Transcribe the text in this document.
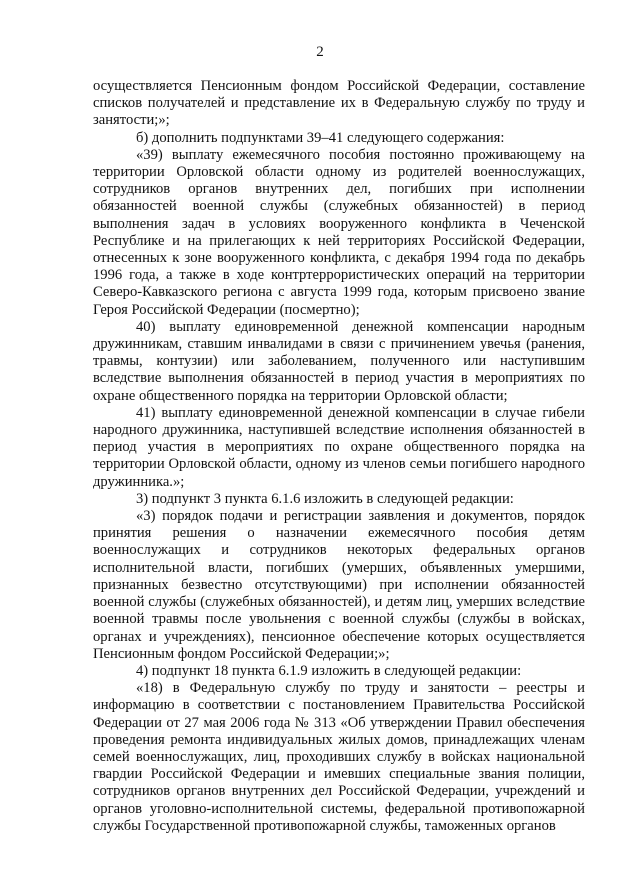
2

осуществляется Пенсионным фондом Российской Федерации, составление списков получателей и представление их в Федеральную службу по труду и занятости;»;

б) дополнить подпунктами 39–41 следующего содержания:

«39) выплату ежемесячного пособия постоянно проживающему на территории Орловской области одному из родителей военнослужащих, сотрудников органов внутренних дел, погибших при исполнении обязанностей военной службы (служебных обязанностей) в период выполнения задач в условиях вооруженного конфликта в Чеченской Республике и на прилегающих к ней территориях Российской Федерации, отнесенных к зоне вооруженного конфликта, с декабря 1994 года по декабрь 1996 года, а также в ходе контртеррористических операций на территории Северо-Кавказского региона с августа 1999 года, которым присвоено звание Героя Российской Федерации (посмертно);

40) выплату единовременной денежной компенсации народным дружинникам, ставшим инвалидами в связи с причинением увечья (ранения, травмы, контузии) или заболеванием, полученного или наступившим вследствие выполнения обязанностей в период участия в мероприятиях по охране общественного порядка на территории Орловской области;

41) выплату единовременной денежной компенсации в случае гибели народного дружинника, наступившей вследствие исполнения обязанностей в период участия в мероприятиях по охране общественного порядка на территории Орловской области, одному из членов семьи погибшего народного дружинника.»;

3) подпункт 3 пункта 6.1.6 изложить в следующей редакции:

«3) порядок подачи и регистрации заявления и документов, порядок принятия решения о назначении ежемесячного пособия детям военнослужащих и сотрудников некоторых федеральных органов исполнительной власти, погибших (умерших, объявленных умершими, признанных безвестно отсутствующими) при исполнении обязанностей военной службы (служебных обязанностей), и детям лиц, умерших вследствие военной травмы после увольнения с военной службы (службы в войсках, органах и учреждениях), пенсионное обеспечение которых осуществляется Пенсионным фондом Российской Федерации;»;

4) подпункт 18 пункта 6.1.9 изложить в следующей редакции:

«18) в Федеральную службу по труду и занятости – реестры и информацию в соответствии с постановлением Правительства Российской Федерации от 27 мая 2006 года № 313 «Об утверждении Правил обеспечения проведения ремонта индивидуальных жилых домов, принадлежащих членам семей военнослужащих, лиц, проходивших службу в войсках национальной гвардии Российской Федерации и имевших специальные звания полиции, сотрудников органов внутренних дел Российской Федерации, учреждений и органов уголовно-исполнительной системы, федеральной противопожарной службы Государственной противопожарной службы, таможенных органов
